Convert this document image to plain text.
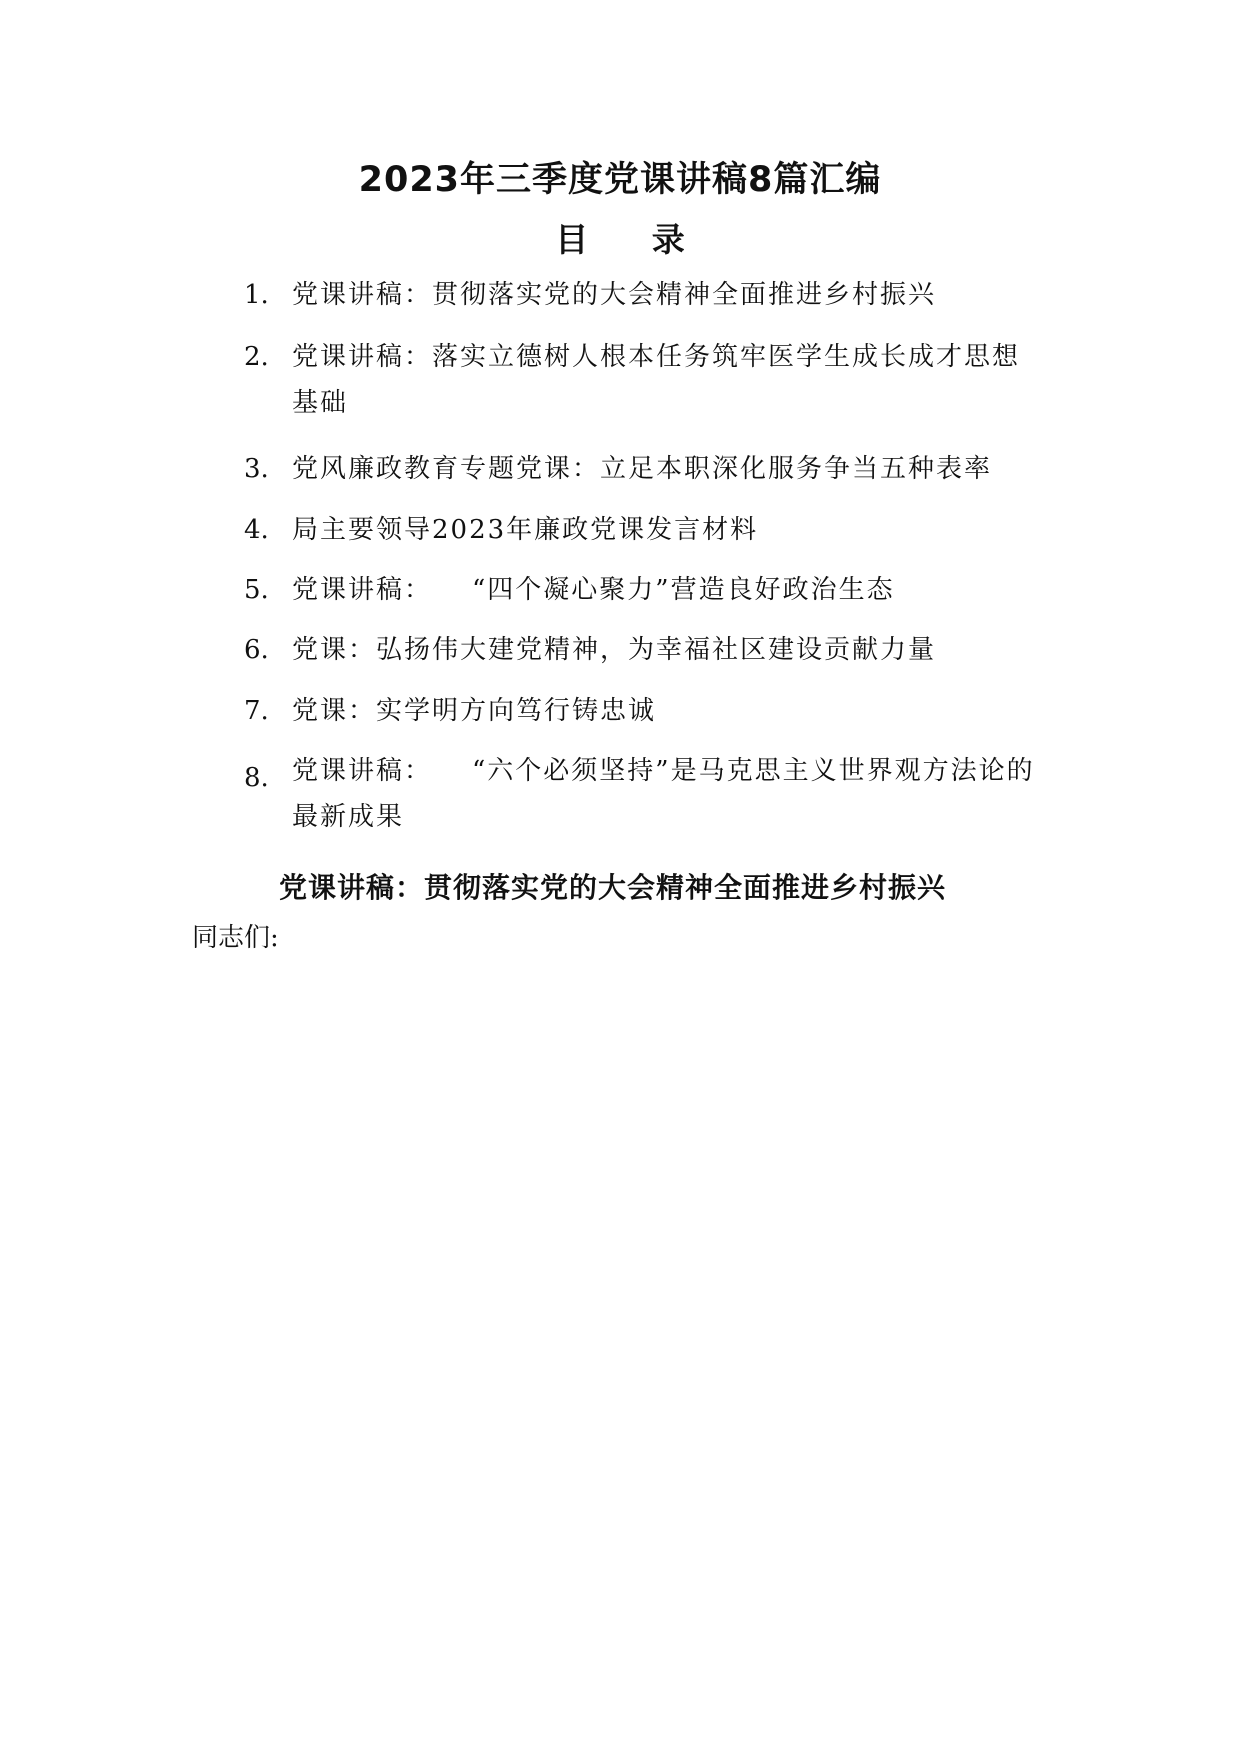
2023年三季度党课讲稿8篇汇编
目 录
1. 党课讲稿：贯彻落实党的大会精神全面推进乡村振兴
2. 党课讲稿：落实立德树人根本任务筑牢医学生成长成才思想
基础
3. 党风廉政教育专题党课：立足本职深化服务争当五种表率
4. 局主要领导2023年廉政党课发言材料
5. 党课讲稿： “四个凝心聚力”营造良好政治生态
6. 党课：弘扬伟大建党精神，为幸福社区建设贡献力量
7. 党课：实学明方向笃行铸忠诚
8. 党课讲稿： “六个必须坚持”是马克思主义世界观方法论的
最新成果
党课讲稿：贯彻落实党的大会精神全面推进乡村振兴
同志们:
